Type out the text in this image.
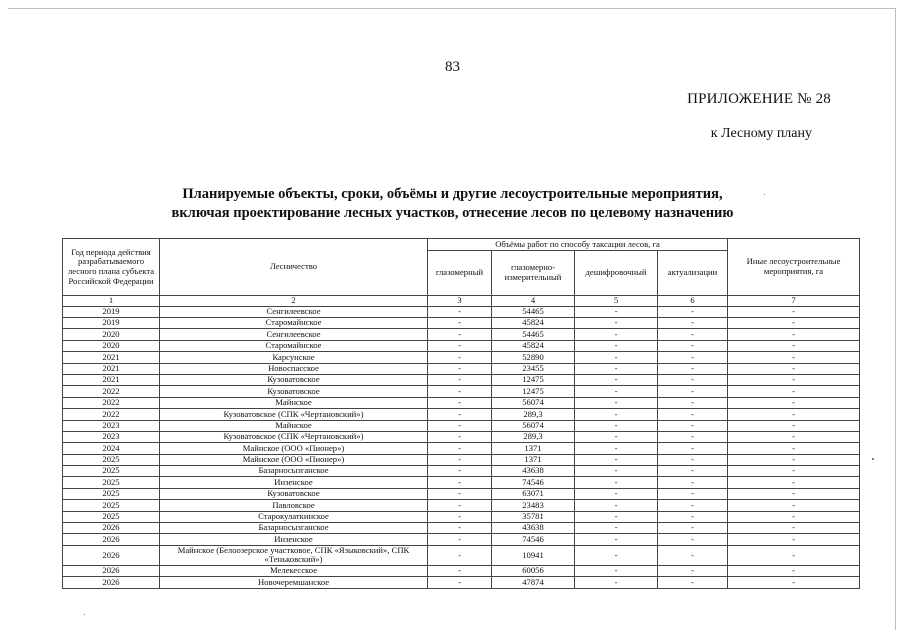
83
ПРИЛОЖЕНИЕ № 28
к Лесному плану
Планируемые объекты, сроки, объёмы и другие лесоустроительные мероприятия,
включая проектирование лесных участков, отнесение лесов по целевому назначению
Год периода действия разрабатываемого лесного плана субъекта Российской Федерации	Лесничество	Объёмы работ по способу таксации лесов, га				Иные лесоустроительные мероприятия, га
		глазомерный	глазомерно-измерительный	дешифровочный	актуализации	
1	2	3	4	5	6	7
2019	Сенгилеевское	-	54465	-	-	-
2019	Старомайнское	-	45824	-	-	-
2020	Сенгилеевское	-	54465	-	-	-
2020	Старомайнское	-	45824	-	-	-
2021	Карсунское	-	52890	-	-	-
2021	Новоспасское	-	23455	-	-	-
2021	Кузоватовское	-	12475	-	-	-
2022	Кузоватовское	-	12475	-	-	-
2022	Майнское	-	56074	-	-	-
2022	Кузоватовское (СПК «Чертановский»)	-	289,3	-	-	-
2023	Майнское	-	56074	-	-	-
2023	Кузоватовское (СПК «Чертановский»)	-	289,3	-	-	-
2024	Майнское (ООО «Пионер»)	-	1371	-	-	-
2025	Майнское (ООО «Пионер»)	-	1371	-	-	-
2025	Базарносызганское	-	43638	-	-	-
2025	Инзенское	-	74546	-	-	-
2025	Кузоватовское	-	63071	-	-	-
2025	Павловское	-	23483	-	-	-
2025	Старокулаткинское	-	35781	-	-	-
2026	Базарносызганское	-	43638	-	-	-
2026	Инзенское	-	74546	-	-	-
2026	Майнское (Белоозерское участковое, СПК «Языковский», СПК «Теньковский»)	-	10941	-	-	-
2026	Мелекесское	-	60056	-	-	-
2026	Новочеремшанское	-	47874	-	-	-
